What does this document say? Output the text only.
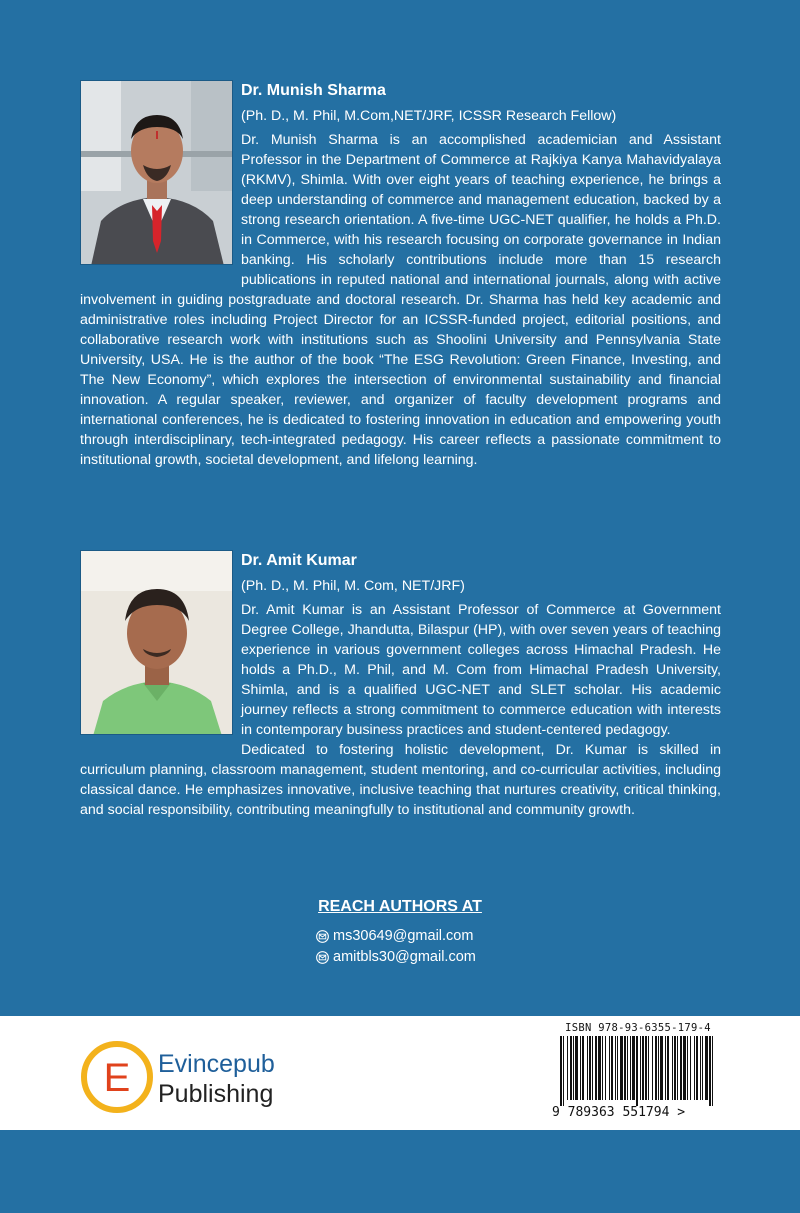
Dr. Munish Sharma

(Ph. D., M. Phil, M.Com,NET/JRF, ICSSR Research Fellow)

Dr. Munish Sharma is an accomplished academician and Assistant Professor in the Department of Commerce at Rajkiya Kanya Mahavidyalaya (RKMV), Shimla. With over eight years of teaching experience, he brings a deep understanding of commerce and management education, backed by a strong research orientation. A five-time UGC-NET qualifier, he holds a Ph.D. in Commerce, with his research focusing on corporate governance in Indian banking. His scholarly contributions include more than 15 research publications in reputed national and international journals, along with active involvement in guiding postgraduate and doctoral research. Dr. Sharma has held key academic and administrative roles including Project Director for an ICSSR-funded project, editorial positions, and collaborative research work with institutions such as Shoolini University and Pennsylvania State University, USA. He is the author of the book “The ESG Revolution: Green Finance, Investing, and The New Economy”, which explores the intersection of environmental sustainability and financial innovation. A regular speaker, reviewer, and organizer of faculty development programs and international conferences, he is dedicated to fostering innovation in education and empowering youth through interdisciplinary, tech-integrated pedagogy. His career reflects a passionate commitment to institutional growth, societal development, and lifelong learning.

Dr. Amit Kumar

(Ph. D., M. Phil, M. Com, NET/JRF)

Dr. Amit Kumar is an Assistant Professor of Commerce at Government Degree College, Jhandutta, Bilaspur (HP), with over seven years of teaching experience in various government colleges across Himachal Pradesh. He holds a Ph.D., M. Phil, and M. Com from Himachal Pradesh University, Shimla, and is a qualified UGC-NET and SLET scholar. His academic journey reflects a strong commitment to commerce education with interests in contemporary business practices and student-centered pedagogy.

Dedicated to fostering holistic development, Dr. Kumar is skilled in curriculum planning, classroom management, student mentoring, and co-curricular activities, including classical dance. He emphasizes innovative, inclusive teaching that nurtures creativity, critical thinking, and social responsibility, contributing meaningfully to institutional and community growth.

REACH AUTHORS AT
ms30649@gmail.com
amitbls30@gmail.com
E Evincepub
Publishing
ISBN 978-93-6355-179-4
9 789363 551794 >
